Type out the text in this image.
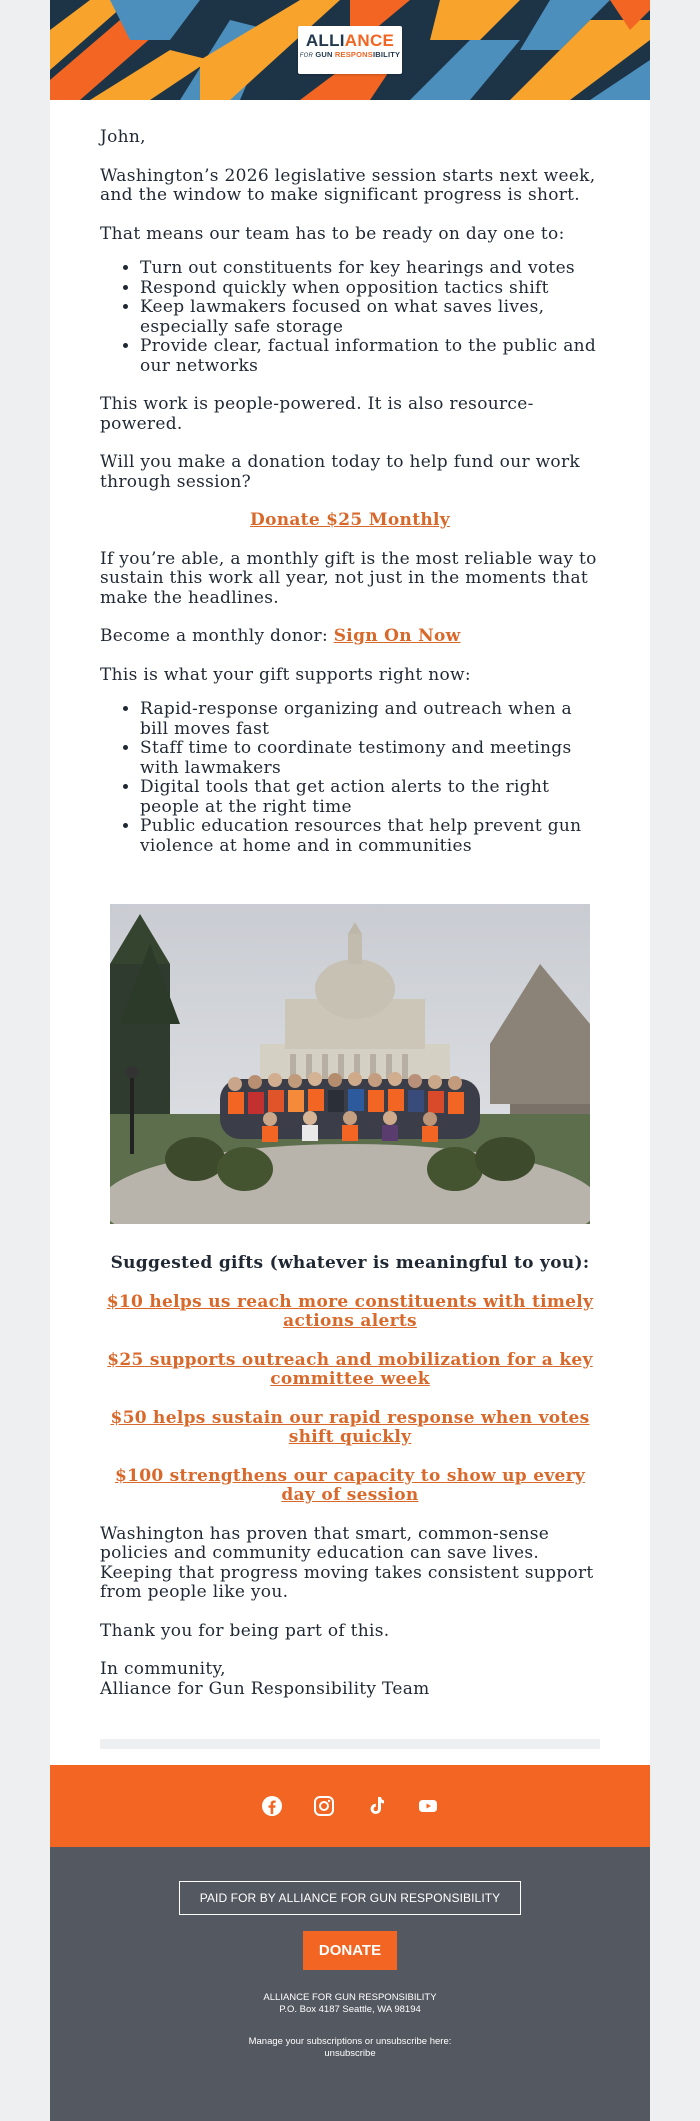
ALLIANCE
FOR GUN RESPONSIBILITY

John,

Washington’s 2026 legislative session starts next week, and the window to make significant progress is short.

That means our team has to be ready on day one to:

• Turn out constituents for key hearings and votes
• Respond quickly when opposition tactics shift
• Keep lawmakers focused on what saves lives, especially safe storage
• Provide clear, factual information to the public and our networks

This work is people-powered. It is also resource-powered.

Will you make a donation today to help fund our work through session?

Donate $25 Monthly

If you’re able, a monthly gift is the most reliable way to sustain this work all year, not just in the moments that make the headlines.

Become a monthly donor: Sign On Now

This is what your gift supports right now:

• Rapid-response organizing and outreach when a bill moves fast
• Staff time to coordinate testimony and meetings with lawmakers
• Digital tools that get action alerts to the right people at the right time
• Public education resources that help prevent gun violence at home and in communities
Suggested gifts (whatever is meaningful to you):
$10 helps us reach more constituents with timely actions alerts
$25 supports outreach and mobilization for a key committee week
$50 helps sustain our rapid response when votes shift quickly
$100 strengthens our capacity to show up every day of session

Washington has proven that smart, common-sense policies and community education can save lives. Keeping that progress moving takes consistent support from people like you.

Thank you for being part of this.

In community,
Alliance for Gun Responsibility Team

PAID FOR BY ALLIANCE FOR GUN RESPONSIBILITY
DONATE
ALLIANCE FOR GUN RESPONSIBILITY
P.O. Box 4187 Seattle, WA 98194
Manage your subscriptions or unsubscribe here:
unsubscribe
